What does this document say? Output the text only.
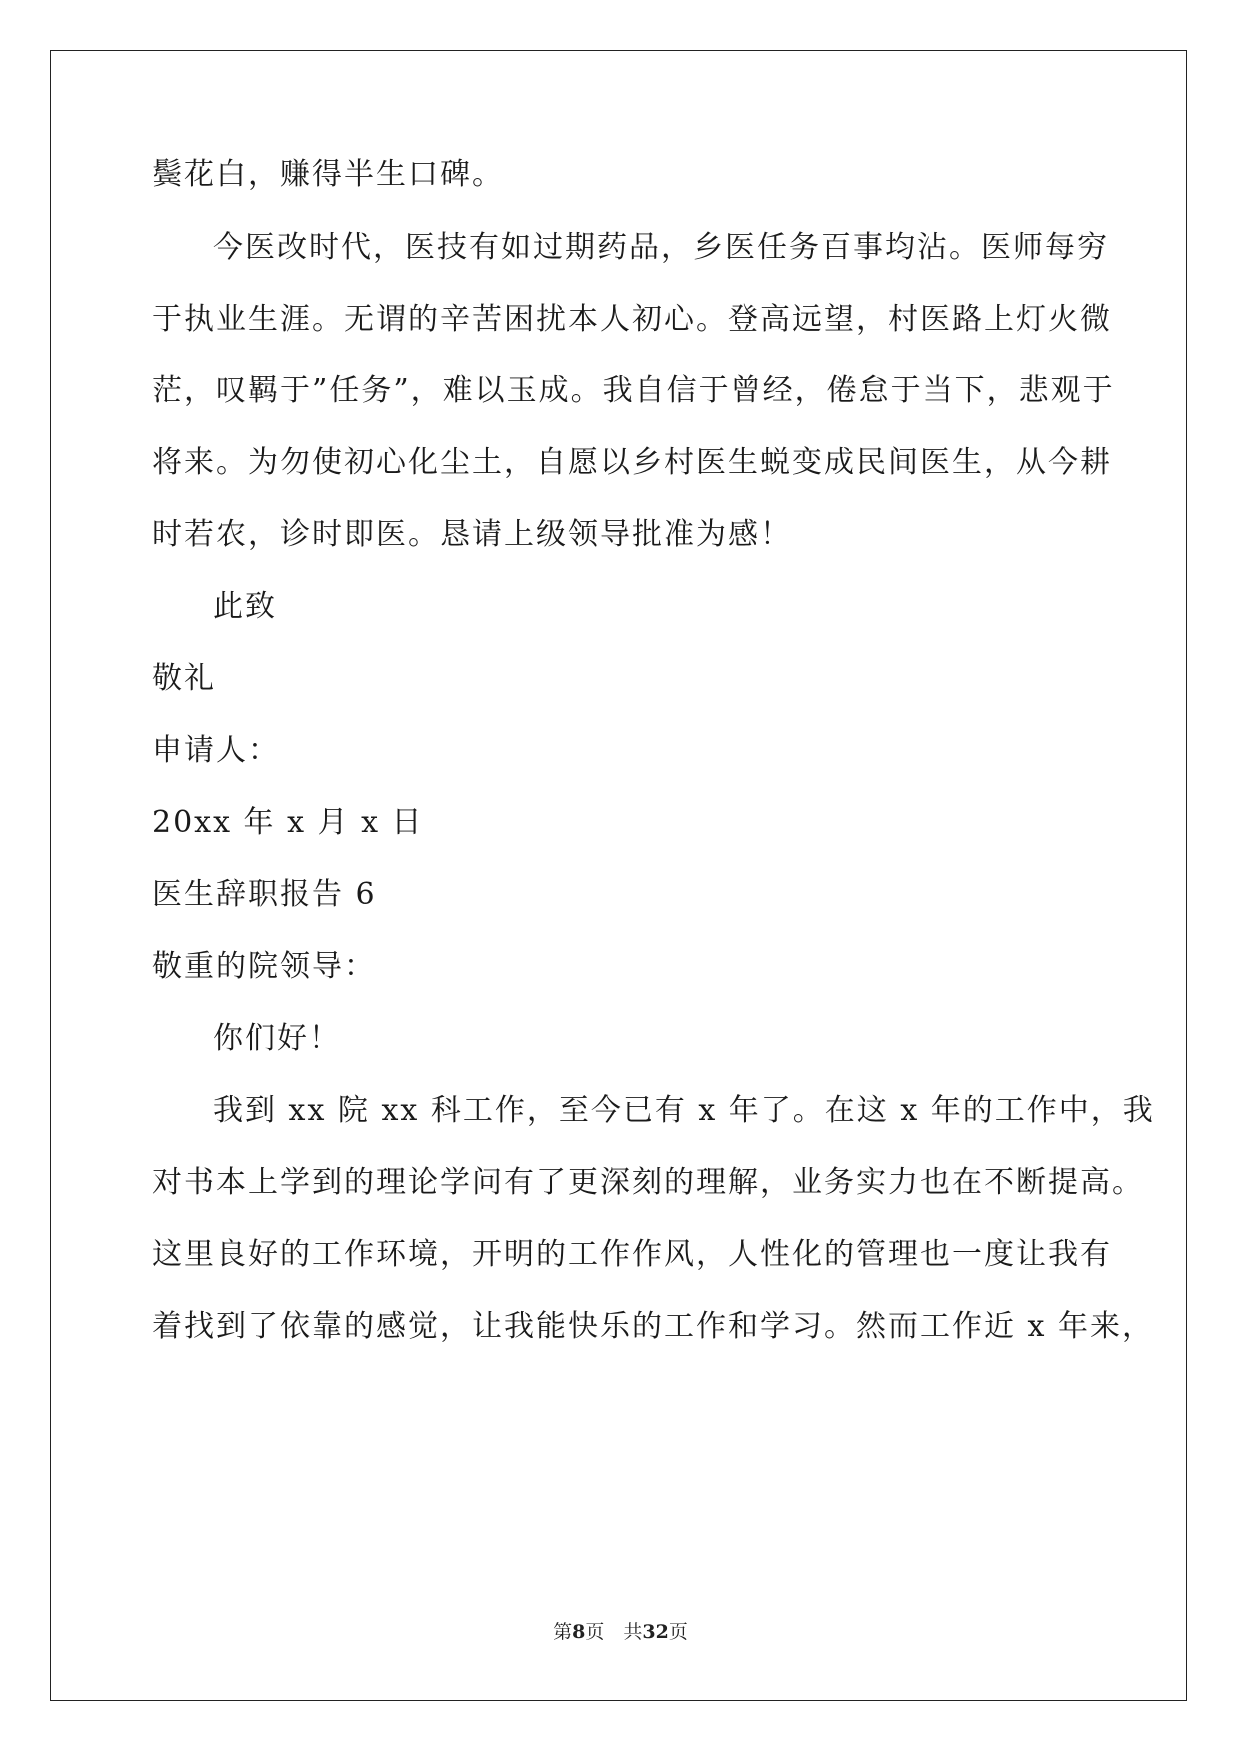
鬓花白，赚得半生口碑。
今医改时代，医技有如过期药品，乡医任务百事均沾。医师每穷
于执业生涯。无谓的辛苦困扰本人初心。登高远望，村医路上灯火微
茫，叹羁于”任务”，难以玉成。我自信于曾经，倦怠于当下，悲观于
将来。为勿使初心化尘土，自愿以乡村医生蜕变成民间医生，从今耕
时若农，诊时即医。恳请上级领导批准为感！
此致
敬礼
申请人：
20xx 年 x 月 x 日
医生辞职报告 6
敬重的院领导：
你们好！
我到 xx 院 xx 科工作，至今已有 x 年了。在这 x 年的工作中，我
对书本上学到的理论学问有了更深刻的理解，业务实力也在不断提高。
这里良好的工作环境，开明的工作作风，人性化的管理也一度让我有
着找到了依靠的感觉，让我能快乐的工作和学习。然而工作近 x 年来，
第8页　共32页
